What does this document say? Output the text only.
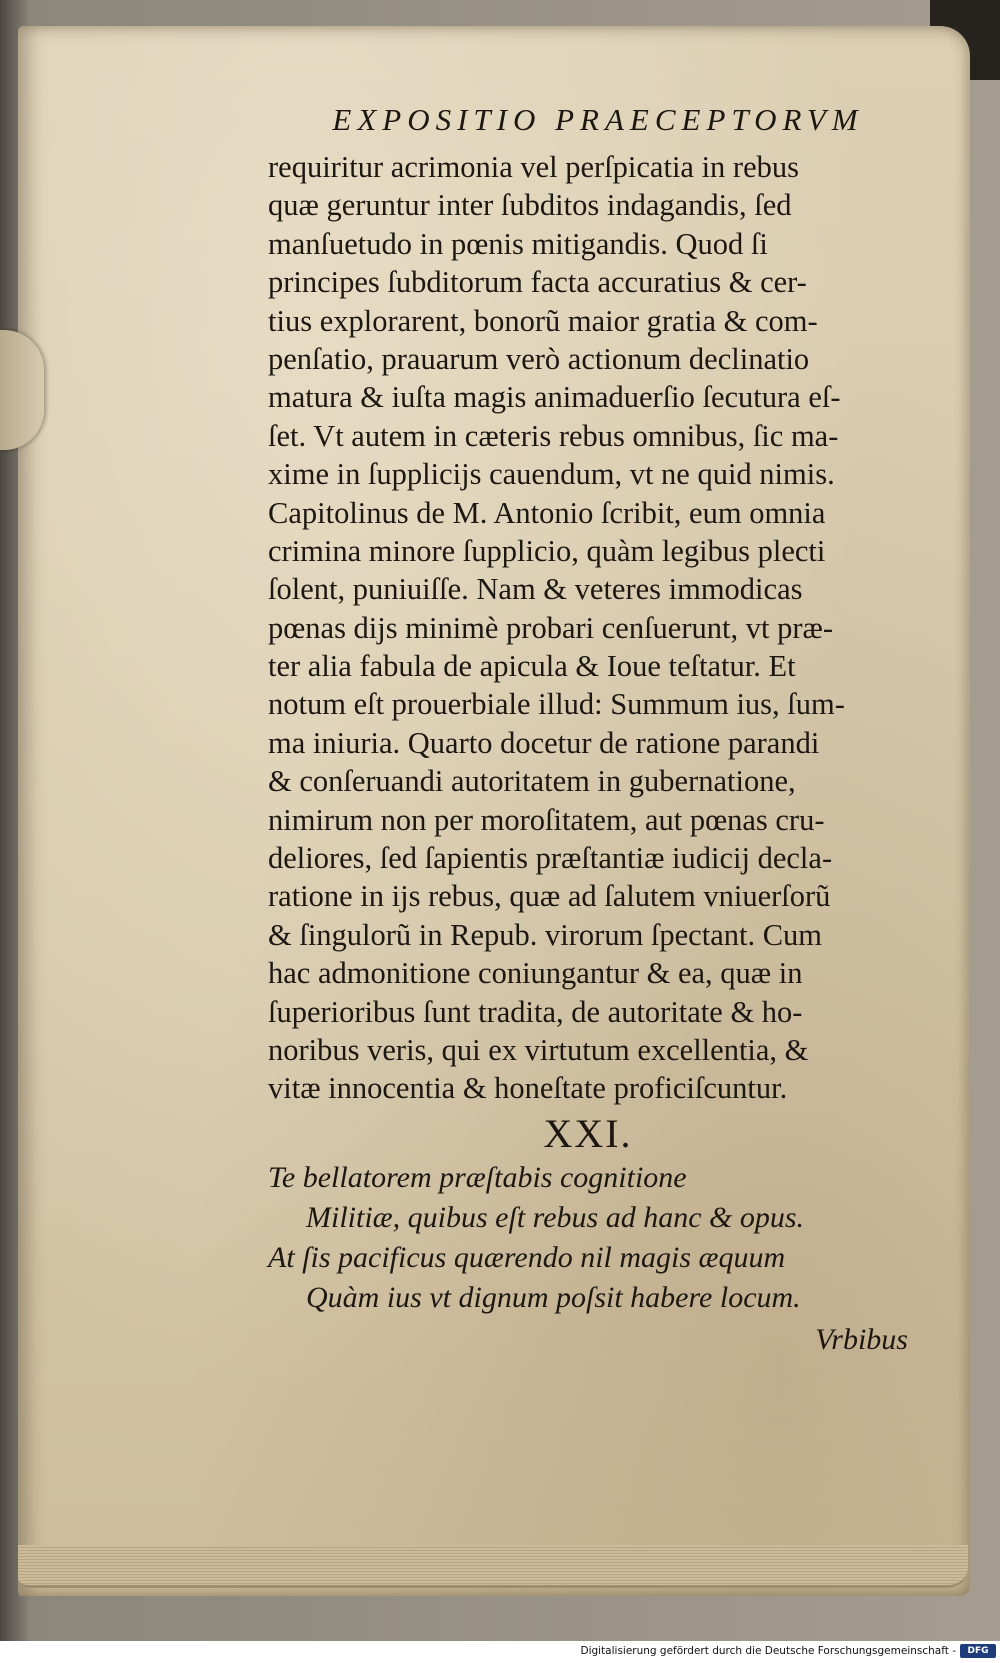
EXPOSITIO PRAECEPTORVM
requiritur acrimonia vel perſpicatia in rebus
quæ geruntur inter ſubditos indagandis, ſed
manſuetudo in pœnis mitigandis. Quod ſi
principes ſubditorum facta accuratius & cer-
tius explorarent, bonorũ maior gratia & com-
penſatio, prauarum verò actionum declinatio
matura & iuſta magis animaduerſio ſecutura eſ-
ſet. Vt autem in cæteris rebus omnibus, ſic ma-
xime in ſupplicijs cauendum, vt ne quid nimis.
Capitolinus de M. Antonio ſcribit, eum omnia
crimina minore ſupplicio, quàm legibus plecti
ſolent, puniuiſſe. Nam & veteres immodicas
pœnas dijs minimè probari cenſuerunt, vt præ-
ter alia fabula de apicula & Ioue teſtatur. Et
notum eſt prouerbiale illud: Summum ius, ſum-
ma iniuria. Quarto docetur de ratione parandi
& conſeruandi autoritatem in gubernatione,
nimirum non per moroſitatem, aut pœnas cru-
deliores, ſed ſapientis præſtantiæ iudicij decla-
ratione in ijs rebus, quæ ad ſalutem vniuerſorũ
& ſingulorũ in Repub. virorum ſpectant. Cum
hac admonitione coniungantur & ea, quæ in
ſuperioribus ſunt tradita, de autoritate & ho-
noribus veris, qui ex virtutum excellentia, &
vitæ innocentia & honeſtate proficiſcuntur.
XXI.
Te bellatorem præſtabis cognitione
Militiæ, quibus eſt rebus ad hanc & opus.
At ſis pacificus quærendo nil magis æquum
Quàm ius vt dignum poſsit habere locum.
Vrbibus
Digitalisierung gefördert durch die Deutsche Forschungsgemeinschaft -	DFG
